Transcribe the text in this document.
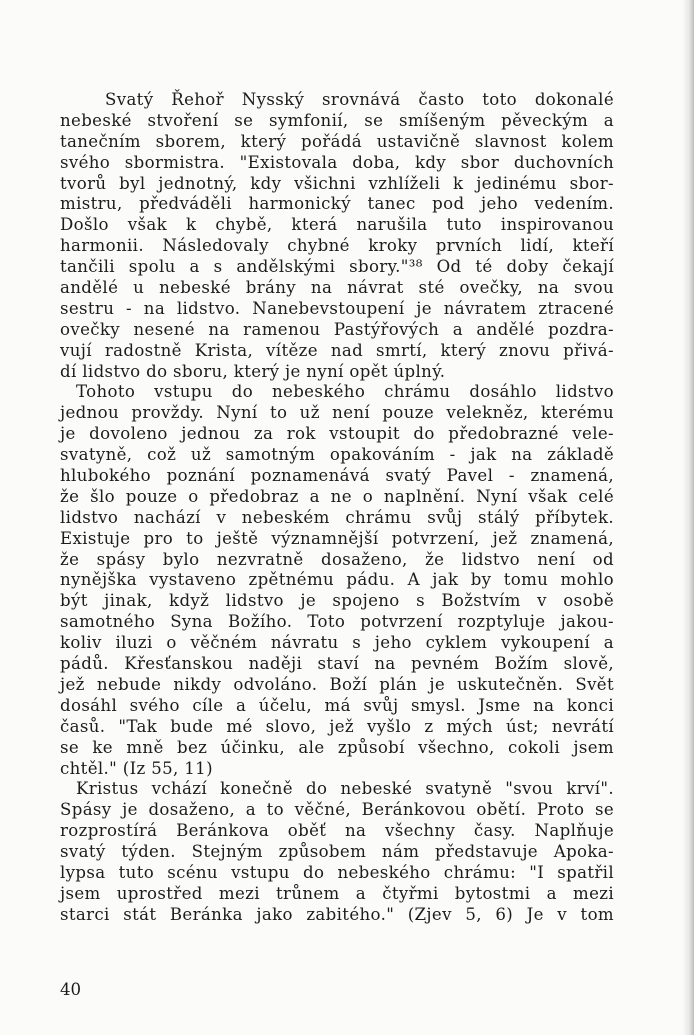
Svatý Řehoř Nysský srovnává často toto dokonalé
nebeské stvoření se symfonií, se smíšeným pěveckým a
tanečním sborem, který pořádá ustavičně slavnost kolem
svého sbormistra. "Existovala doba, kdy sbor duchovních
tvorů byl jednotný, kdy všichni vzhlíželi k jedinému sbor-
mistru, předváděli harmonický tanec pod jeho vedením.
Došlo však k chybě, která narušila tuto inspirovanou
harmonii. Následovaly chybné kroky prvních lidí, kteří
tančili spolu a s andělskými sbory."³⁸ Od té doby čekají
andělé u nebeské brány na návrat sté ovečky, na svou
sestru - na lidstvo. Nanebevstoupení je návratem ztracené
ovečky nesené na ramenou Pastýřových a andělé pozdra-
vují radostně Krista, vítěze nad smrtí, který znovu přivá-
dí lidstvo do sboru, který je nyní opět úplný.
Tohoto vstupu do nebeského chrámu dosáhlo lidstvo
jednou provždy. Nyní to už není pouze velekněz, kterému
je dovoleno jednou za rok vstoupit do předobrazné vele-
svatyně, což už samotným opakováním - jak na základě
hlubokého poznání poznamenává svatý Pavel - znamená,
že šlo pouze o předobraz a ne o naplnění. Nyní však celé
lidstvo nachází v nebeském chrámu svůj stálý příbytek.
Existuje pro to ještě významnější potvrzení, jež znamená,
že spásy bylo nezvratně dosaženo, že lidstvo není od
nynějška vystaveno zpětnému pádu. A jak by tomu mohlo
být jinak, když lidstvo je spojeno s Božstvím v osobě
samotného Syna Božího. Toto potvrzení rozptyluje jakou-
koliv iluzi o věčném návratu s jeho cyklem vykoupení a
pádů. Křesťanskou naději staví na pevném Božím slově,
jež nebude nikdy odvoláno. Boží plán je uskutečněn. Svět
dosáhl svého cíle a účelu, má svůj smysl. Jsme na konci
časů. "Tak bude mé slovo, jež vyšlo z mých úst; nevrátí
se ke mně bez účinku, ale způsobí všechno, cokoli jsem
chtěl." (Iz 55, 11)
Kristus vchází konečně do nebeské svatyně "svou krví".
Spásy je dosaženo, a to věčné, Beránkovou obětí. Proto se
rozprostírá Beránkova oběť na všechny časy. Naplňuje
svatý týden. Stejným způsobem nám představuje Apoka-
lypsa tuto scénu vstupu do nebeského chrámu: "I spatřil
jsem uprostřed mezi trůnem a čtyřmi bytostmi a mezi
starci stát Beránka jako zabitého." (Zjev 5, 6) Je v tom
40
